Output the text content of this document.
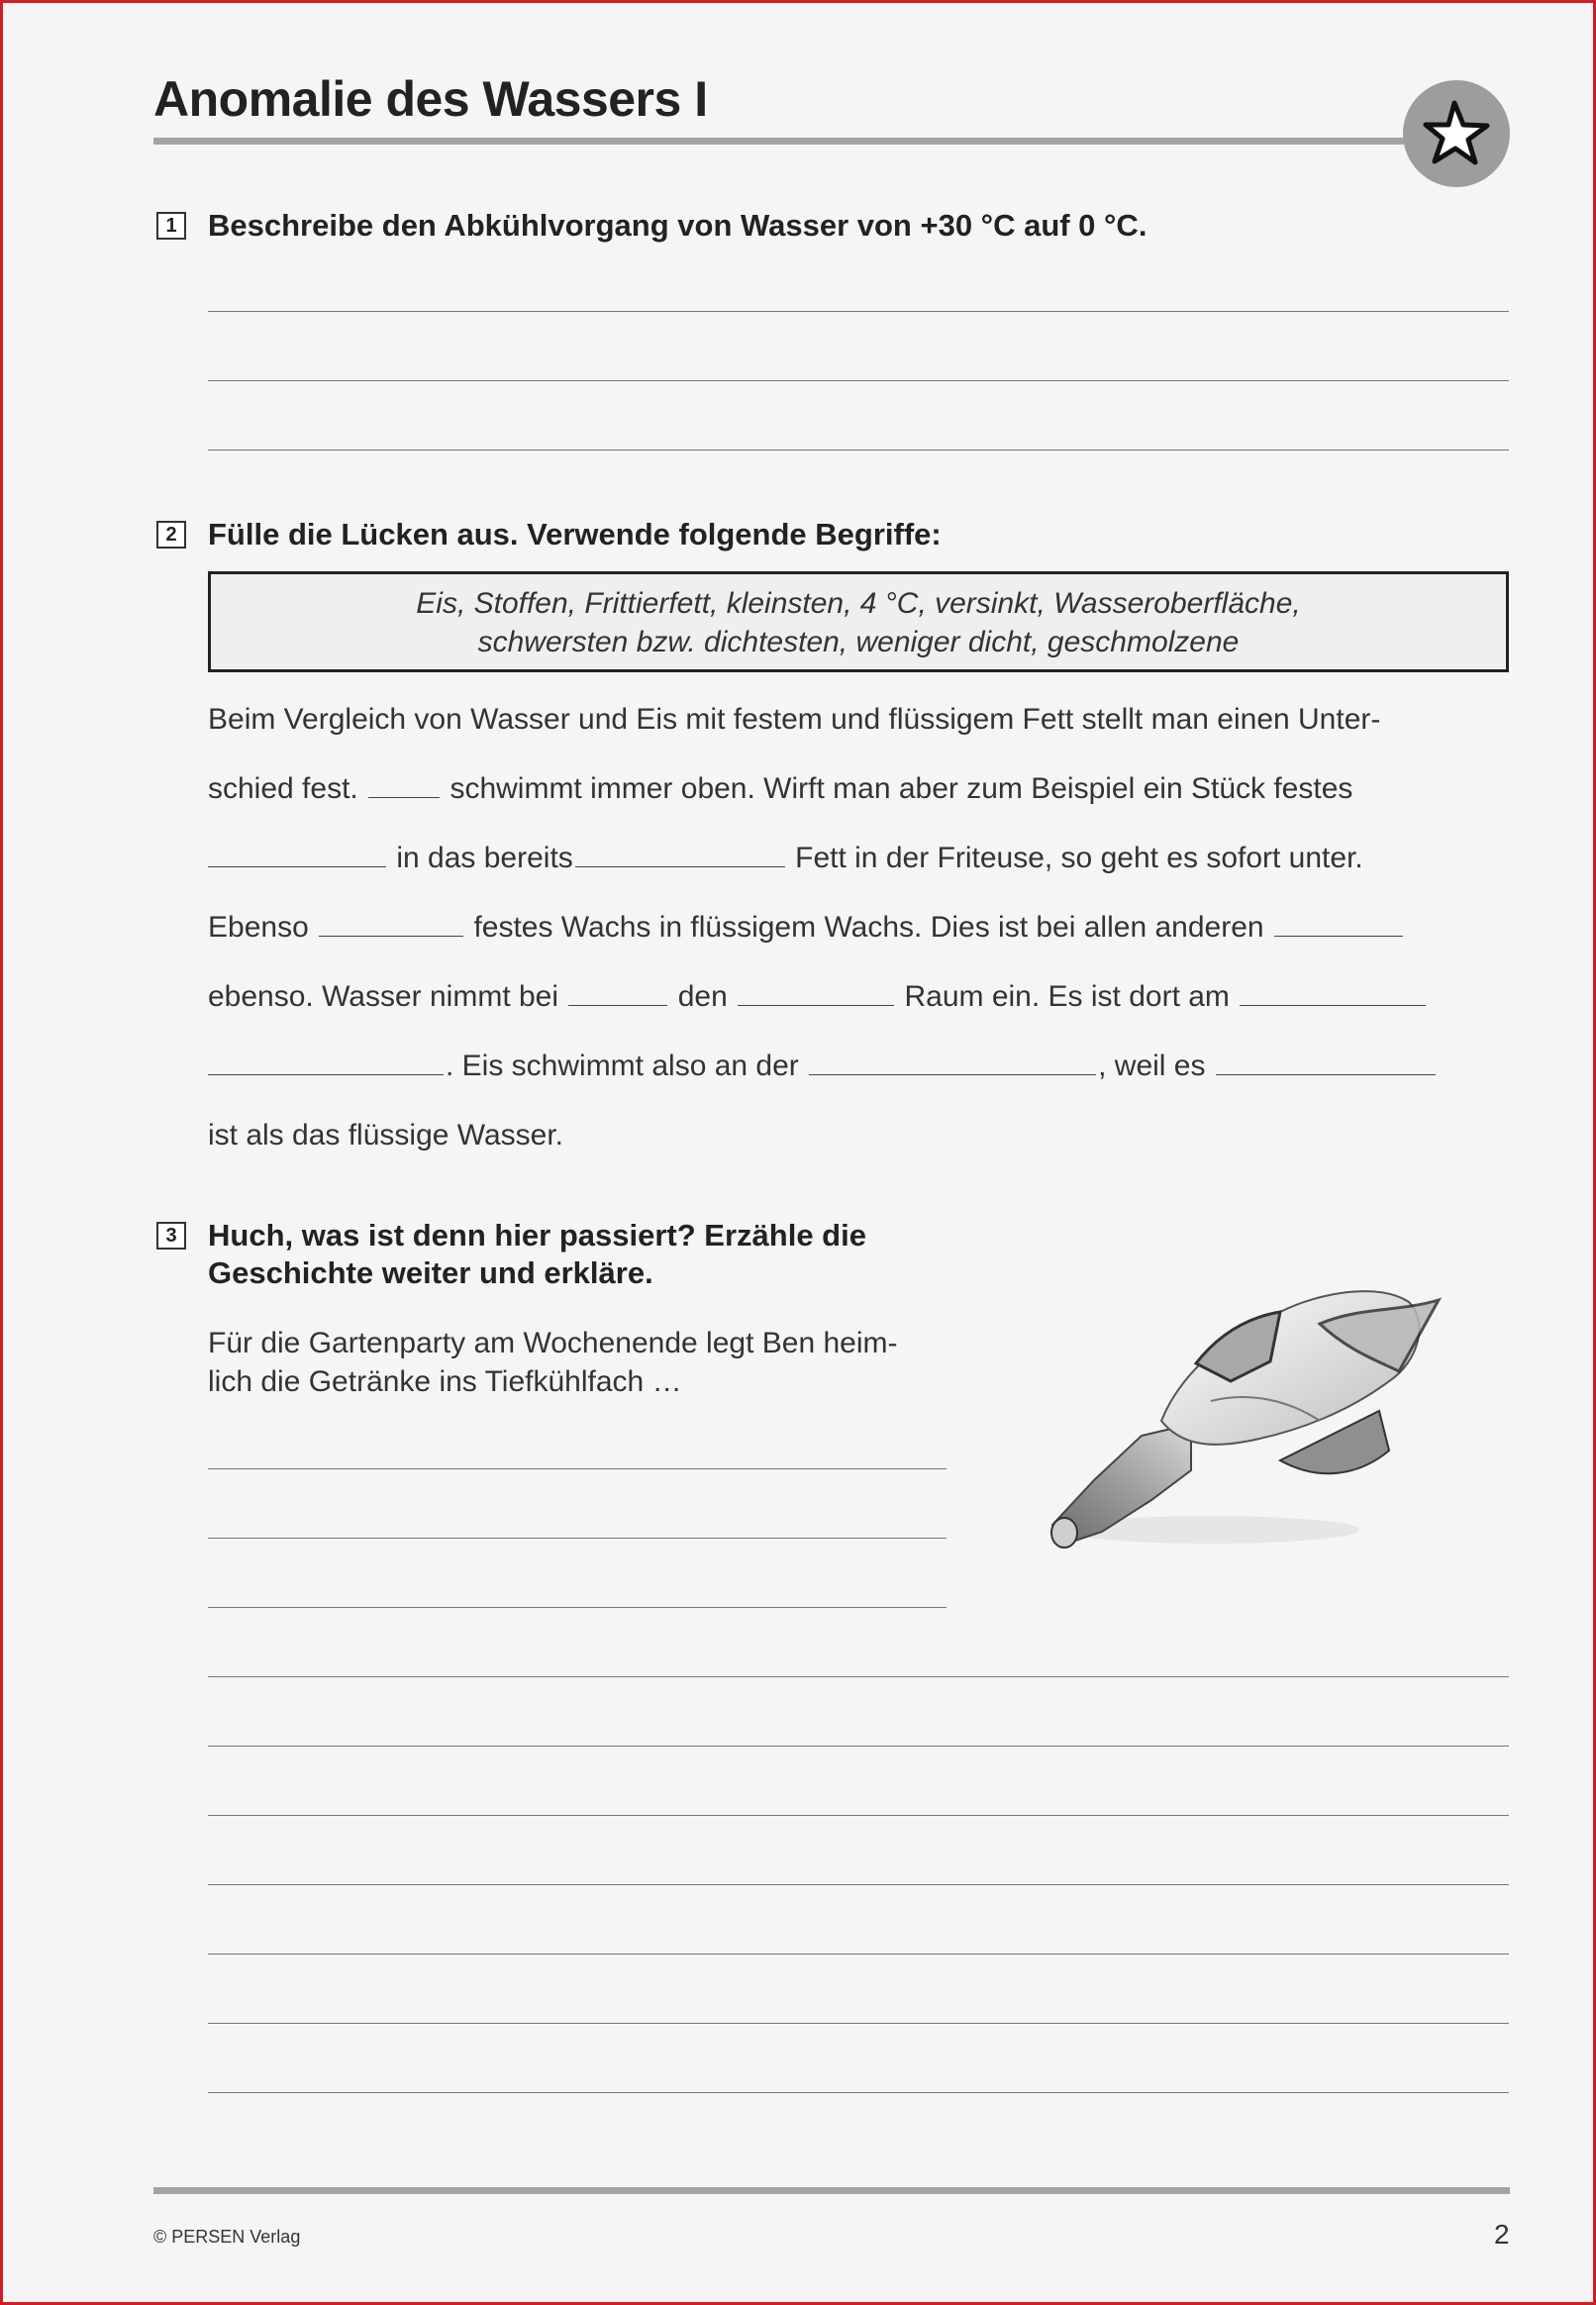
Anomalie des Wassers I
1	Beschreibe den Abkühlvorgang von Wasser von +30 °C auf 0 °C.
2	Fülle die Lücken aus. Verwende folgende Begriffe:
Eis, Stoffen, Frittierfett, kleinsten, 4 °C, versinkt, Wasseroberfläche,
schwersten bzw. dichtesten, weniger dicht, geschmolzene
Beim Vergleich von Wasser und Eis mit festem und flüssigem Fett stellt man einen Unter-
schied fest.	schwimmt immer oben. Wirft man aber zum Beispiel ein Stück festes
in das bereits	Fett in der Friteuse, so geht es sofort unter.
Ebenso	festes Wachs in flüssigem Wachs. Dies ist bei allen anderen
ebenso. Wasser nimmt bei	den	Raum ein. Es ist dort am
. Eis schwimmt also an der	, weil es
ist als das flüssige Wasser.
3	Huch, was ist denn hier passiert? Erzähle die
Geschichte weiter und erkläre.
Für die Gartenparty am Wochenende legt Ben heim-
lich die Getränke ins Tiefkühlfach …
© PERSEN Verlag	2
